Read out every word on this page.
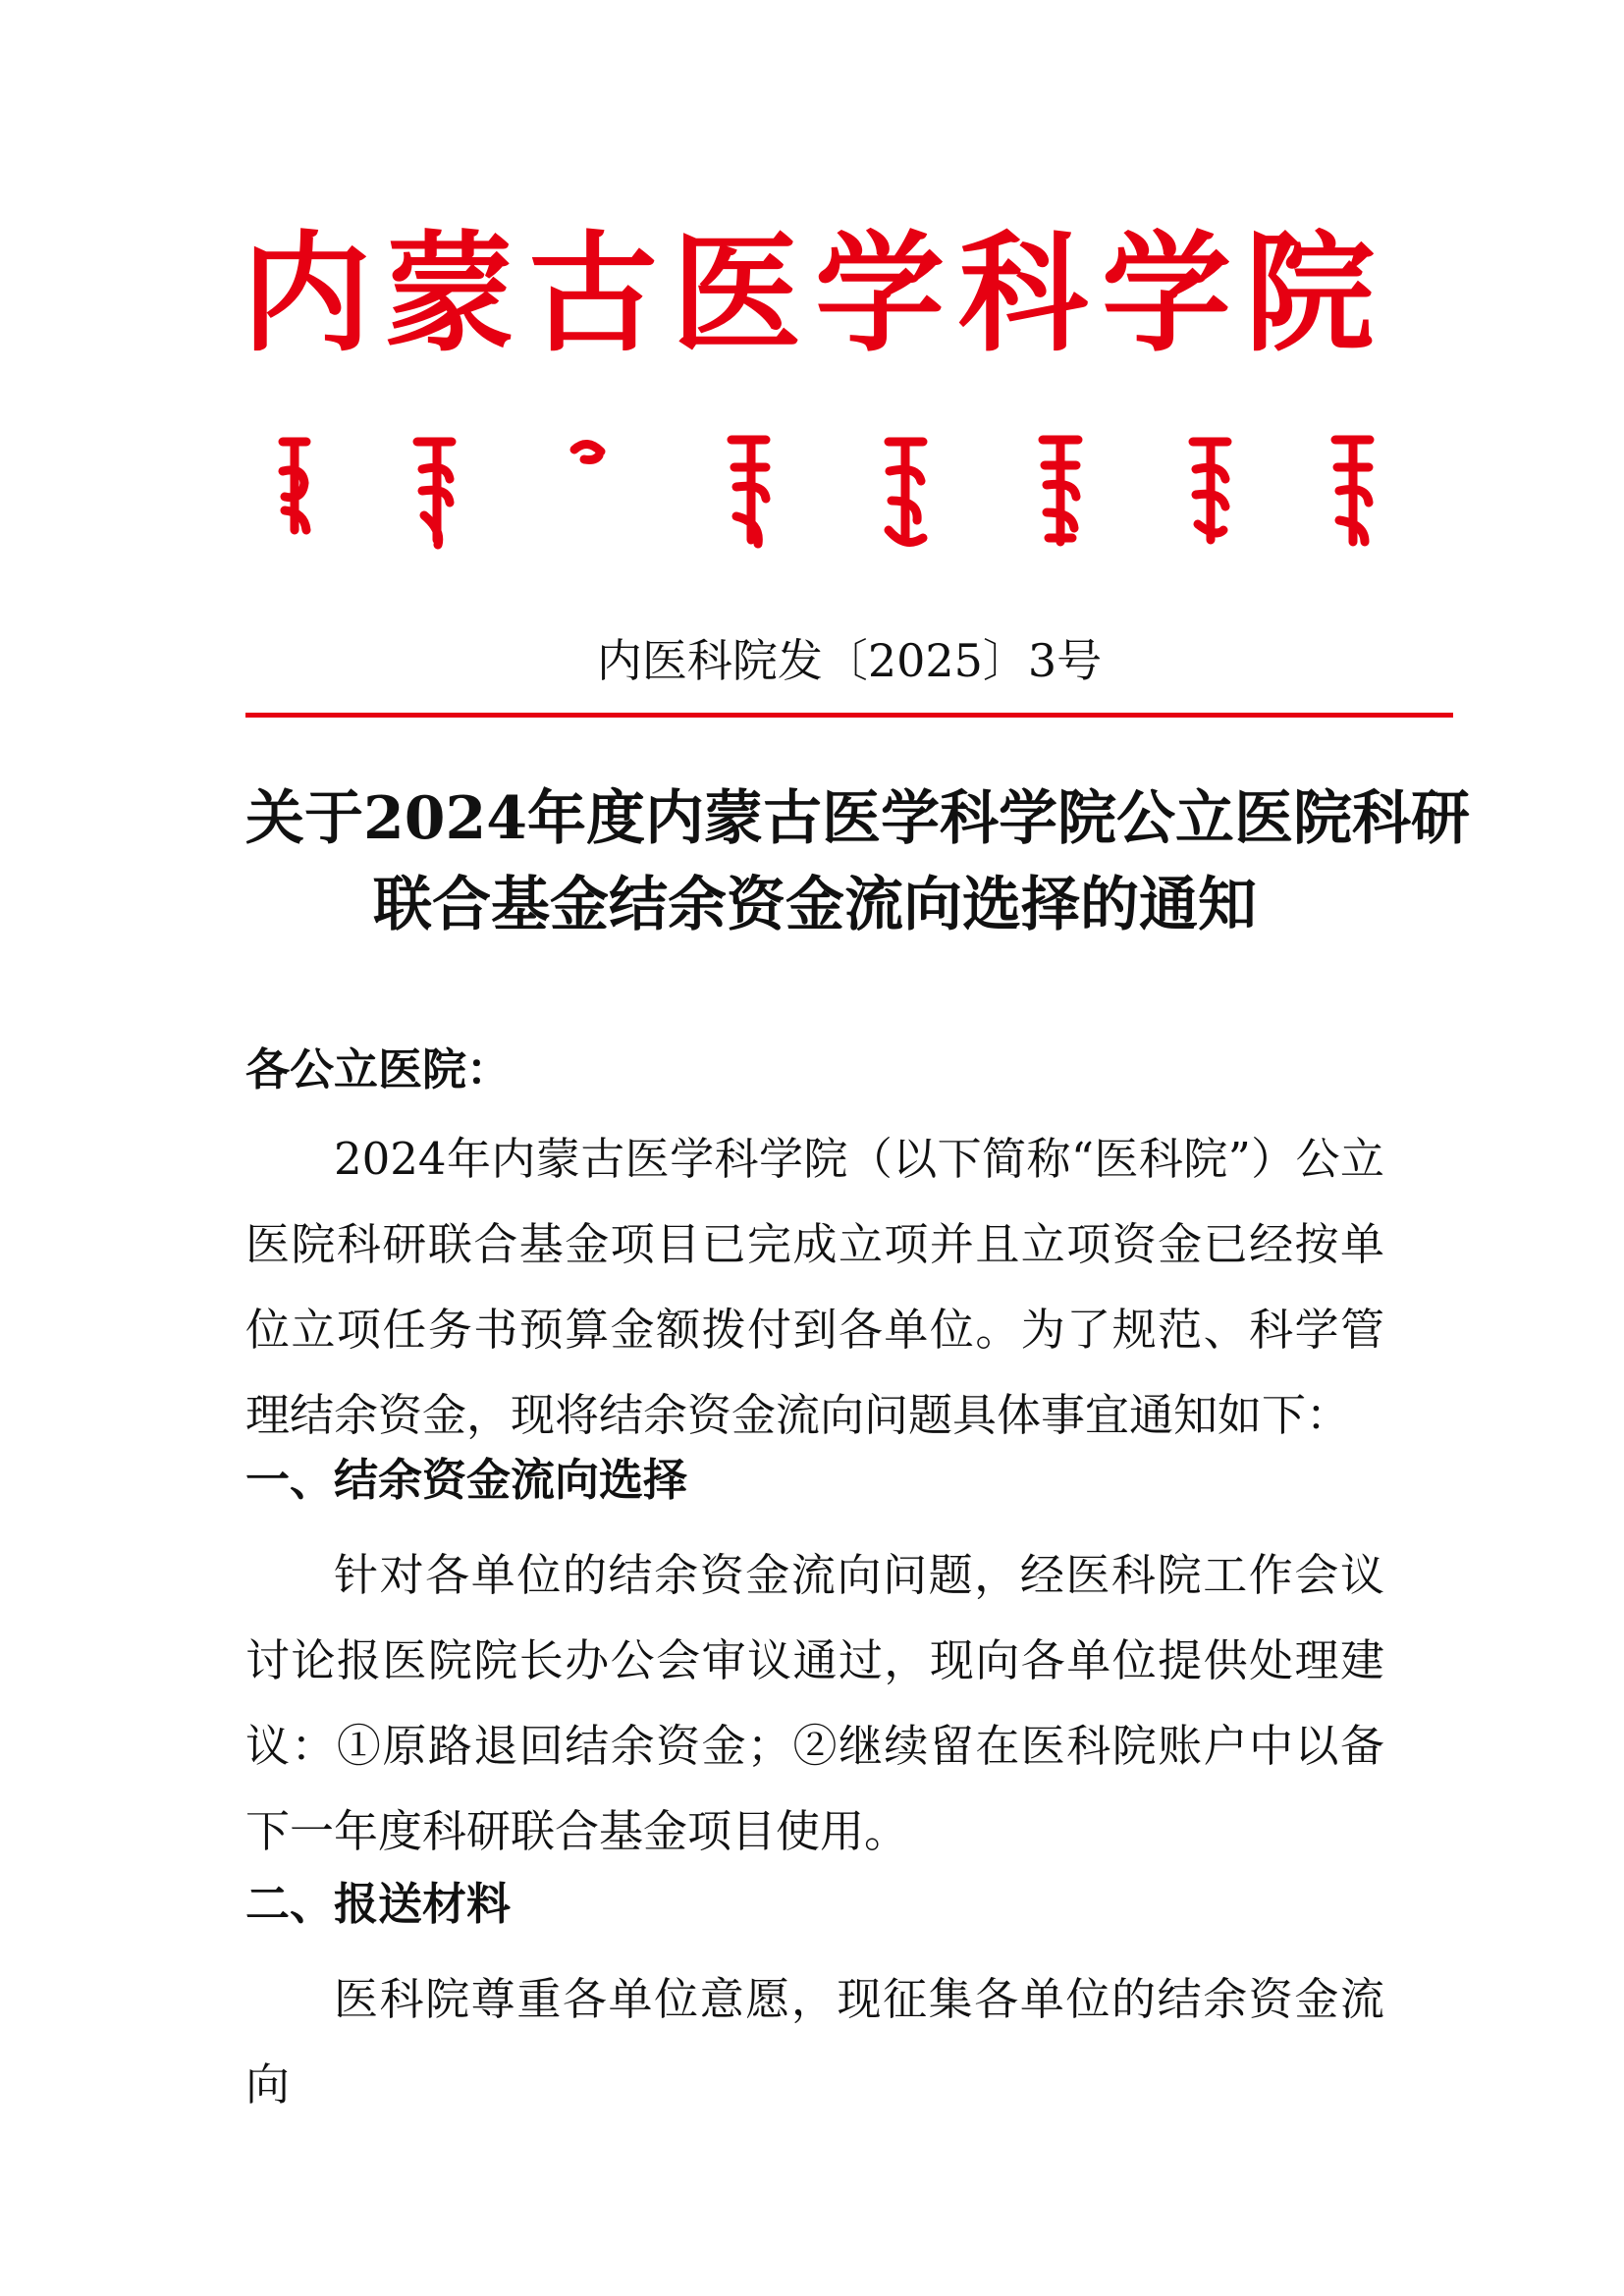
内蒙古医学科学院
内医科院发〔2025〕3号
关于2024年度内蒙古医学科学院公立医院科研
联合基金结余资金流向选择的通知
各公立医院：
2024年内蒙古医学科学院（以下简称“医科院”）公立医院科研联合基金项目已完成立项并且立项资金已经按单位立项任务书预算金额拨付到各单位。为了规范、科学管理结余资金，现将结余资金流向问题具体事宜通知如下：
一、结余资金流向选择
针对各单位的结余资金流向问题，经医科院工作会议讨论报医院院长办公会审议通过，现向各单位提供处理建议：①原路退回结余资金；②继续留在医科院账户中以备下一年度科研联合基金项目使用。
二、报送材料
医科院尊重各单位意愿，现征集各单位的结余资金流向
